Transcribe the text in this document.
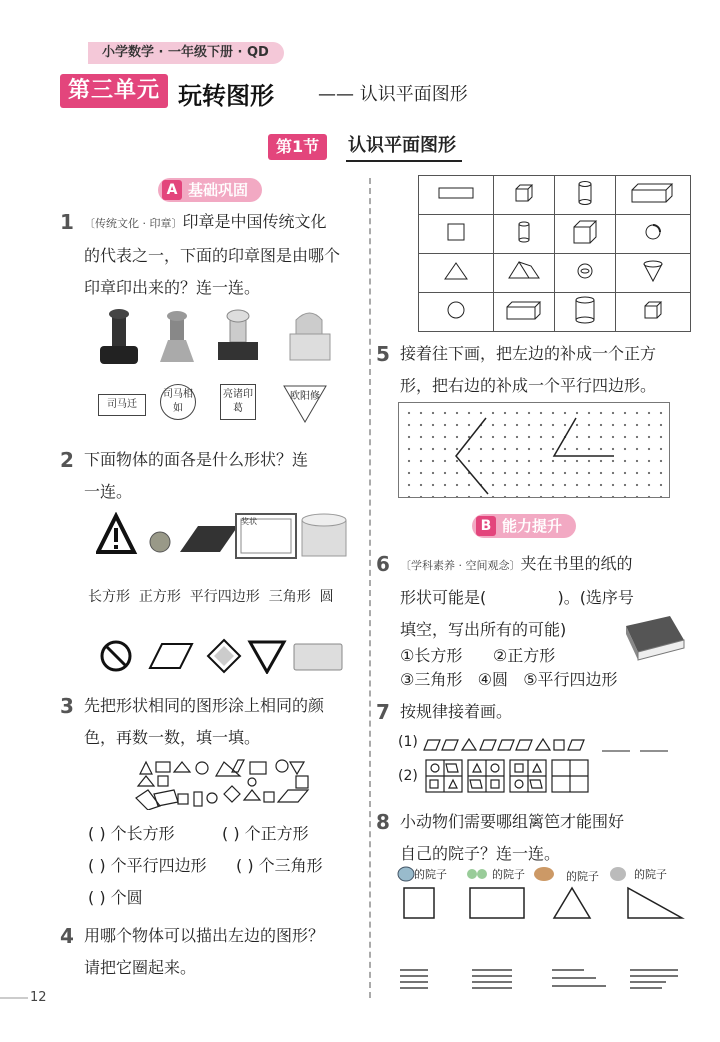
小学数学 · 一年级下册 · QD
第三单元 玩转图形 —— 认识平面图形
第1节	认识平面图形
A 基础巩固
1 〔传统文化 · 印章〕印章是中国传统文化
的代表之一，下面的印章图是由哪个
印章印出来的？连一连。
司马迁
司马相如
亮诸印葛
欧阳修
2 下面物体的面各是什么形状？连
一连。
奖状
长方形  正方形  平行四边形  三角形  圆
3 先把形状相同的图形涂上相同的颜
色，再数一数，填一填。
( ) 个长方形	( ) 个正方形
( ) 个平行四边形 ( ) 个三角形
( ) 个圆
4 用哪个物体可以描出左边的图形？
请把它圈起来。

5 接着往下画，把左边的补成一个正方
形，把右边的补成一个平行四边形。
B 能力提升
6 〔学科素养 · 空间观念〕夹在书里的纸的
形状可能是(              )。(选序号
填空，写出所有的可能)
①长方形      ②正方形
③三角形   ④圆   ⑤平行四边形
7 按规律接着画。
(1)
(2)
8 小动物们需要哪组篱笆才能围好
自己的院子？连一连。
的院子	的院子	的院子	的院子
12
